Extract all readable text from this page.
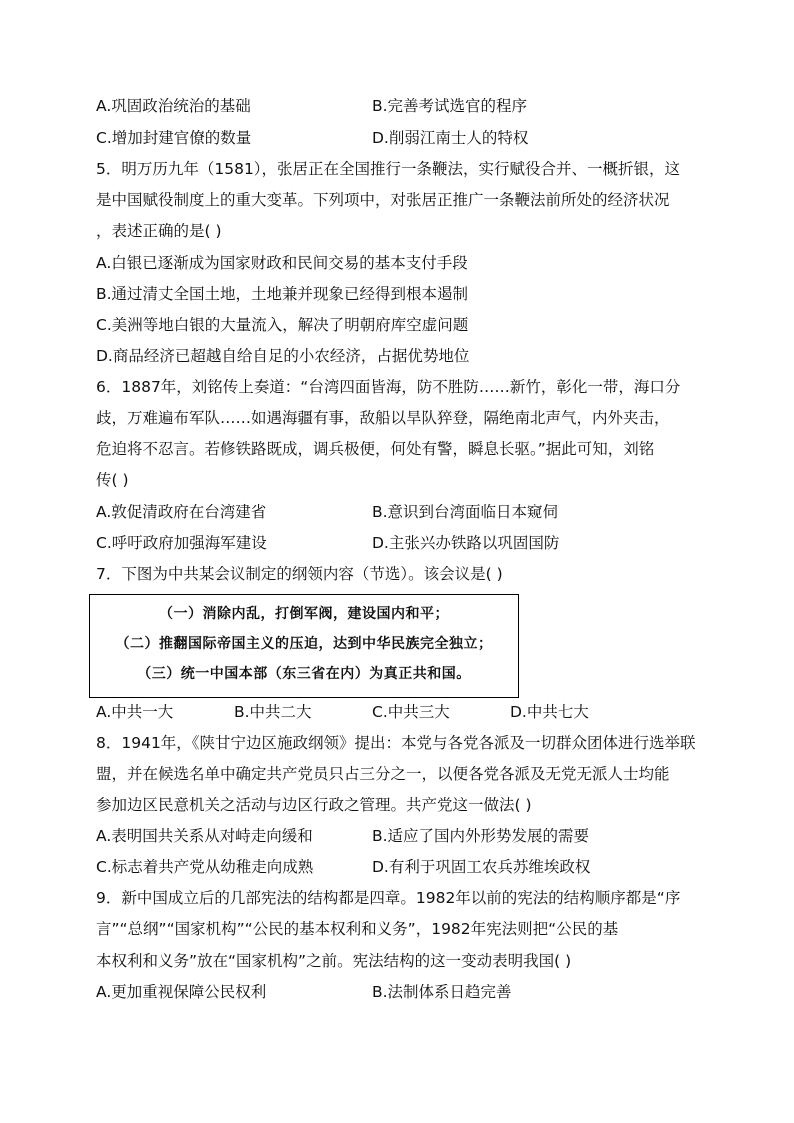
A.巩固政治统治的基础	B.完善考试选官的程序
C.增加封建官僚的数量	D.削弱江南士人的特权
5．明万历九年（1581），张居正在全国推行一条鞭法，实行赋役合并、一概折银，这
是中国赋役制度上的重大变革。下列项中，对张居正推广一条鞭法前所处的经济状况
，表述正确的是( )
A.白银已逐渐成为国家财政和民间交易的基本支付手段
B.通过清丈全国土地，土地兼并现象已经得到根本遏制
C.美洲等地白银的大量流入，解决了明朝府库空虚问题
D.商品经济已超越自给自足的小农经济，占据优势地位
6．1887年，刘铭传上奏道：“台湾四面皆海，防不胜防……新竹，彰化一带，海口分
歧，万难遍布军队……如遇海疆有事，敌船以旱队猝登，隔绝南北声气，内外夹击，
危迫将不忍言。若修铁路既成，调兵极便，何处有警，瞬息长驱。”据此可知，刘铭
传( )
A.敦促清政府在台湾建省	B.意识到台湾面临日本窥伺
C.呼吁政府加强海军建设	D.主张兴办铁路以巩固国防
7．下图为中共某会议制定的纲领内容（节选）。该会议是( )
（一）消除内乱，打倒军阀，建设国内和平；
（二）推翻国际帝国主义的压迫，达到中华民族完全独立；
（三）统一中国本部（东三省在内）为真正共和国。
A.中共一大	B.中共二大	C.中共三大	D.中共七大
8．1941年，《陕甘宁边区施政纲领》提出：本党与各党各派及一切群众团体进行选举联
盟，并在候选名单中确定共产党员只占三分之一，以便各党各派及无党无派人士均能
参加边区民意机关之活动与边区行政之管理。共产党这一做法( )
A.表明国共关系从对峙走向缓和	B.适应了国内外形势发展的需要
C.标志着共产党从幼稚走向成熟	D.有利于巩固工农兵苏维埃政权
9．新中国成立后的几部宪法的结构都是四章。1982年以前的宪法的结构顺序都是“序
言”“总纲”“国家机构”“公民的基本权利和义务”，1982年宪法则把“公民的基
本权利和义务”放在“国家机构”之前。宪法结构的这一变动表明我国( )
A.更加重视保障公民权利	B.法制体系日趋完善
